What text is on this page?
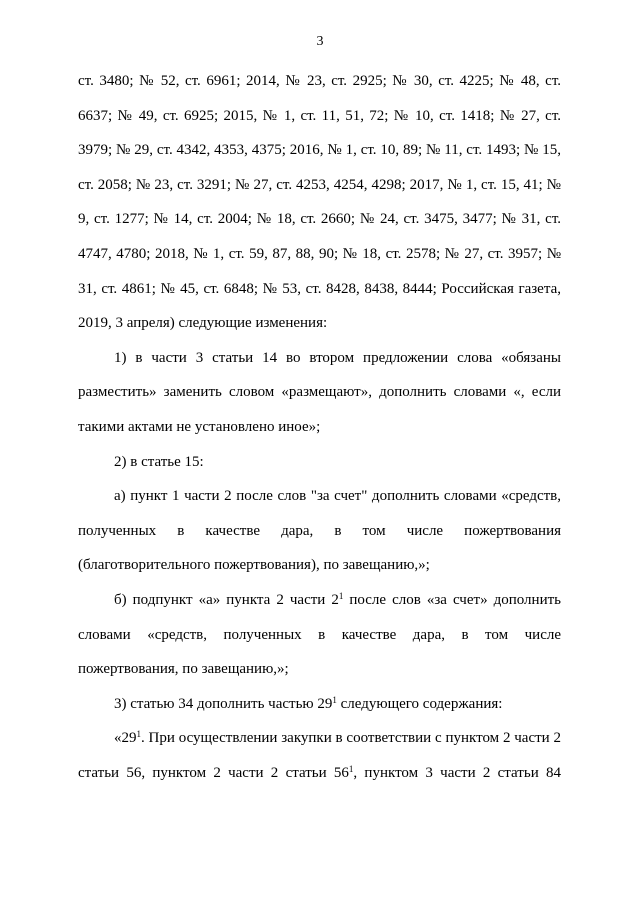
3

ст. 3480; № 52, ст. 6961; 2014, № 23, ст. 2925; № 30, ст. 4225; № 48, ст. 6637; № 49, ст. 6925; 2015, № 1, ст. 11, 51, 72; № 10, ст. 1418; № 27, ст. 3979; № 29, ст. 4342, 4353, 4375; 2016, № 1, ст. 10, 89; № 11, ст. 1493; № 15, ст. 2058; № 23, ст. 3291; № 27, ст. 4253, 4254, 4298; 2017, № 1, ст. 15, 41; № 9, ст. 1277; № 14, ст. 2004; № 18, ст. 2660; № 24, ст. 3475, 3477; № 31, ст. 4747, 4780; 2018, № 1, ст. 59, 87, 88, 90; № 18, ст. 2578; № 27, ст. 3957; № 31, ст. 4861; № 45, ст. 6848; № 53, ст. 8428, 8438, 8444; Российская газета, 2019, 3 апреля) следующие изменения:

1) в части 3 статьи 14 во втором предложении слова «обязаны разместить» заменить словом «размещают», дополнить словами «, если такими актами не установлено иное»;

2) в статье 15:

а) пункт 1 части 2 после слов "за счет" дополнить словами «средств, полученных в качестве дара, в том числе пожертвования (благотворительного пожертвования), по завещанию,»;

б) подпункт «а» пункта 2 части $2^1$ после слов «за счет» дополнить словами «средств, полученных в качестве дара, в том числе пожертвования, по завещанию,»;

3) статью 34 дополнить частью $29^1$ следующего содержания:

«$29^1$. При осуществлении закупки в соответствии с пунктом 2 части 2 статьи 56, пунктом 2 части 2 статьи $56^1$, пунктом 3 части 2 статьи 84
